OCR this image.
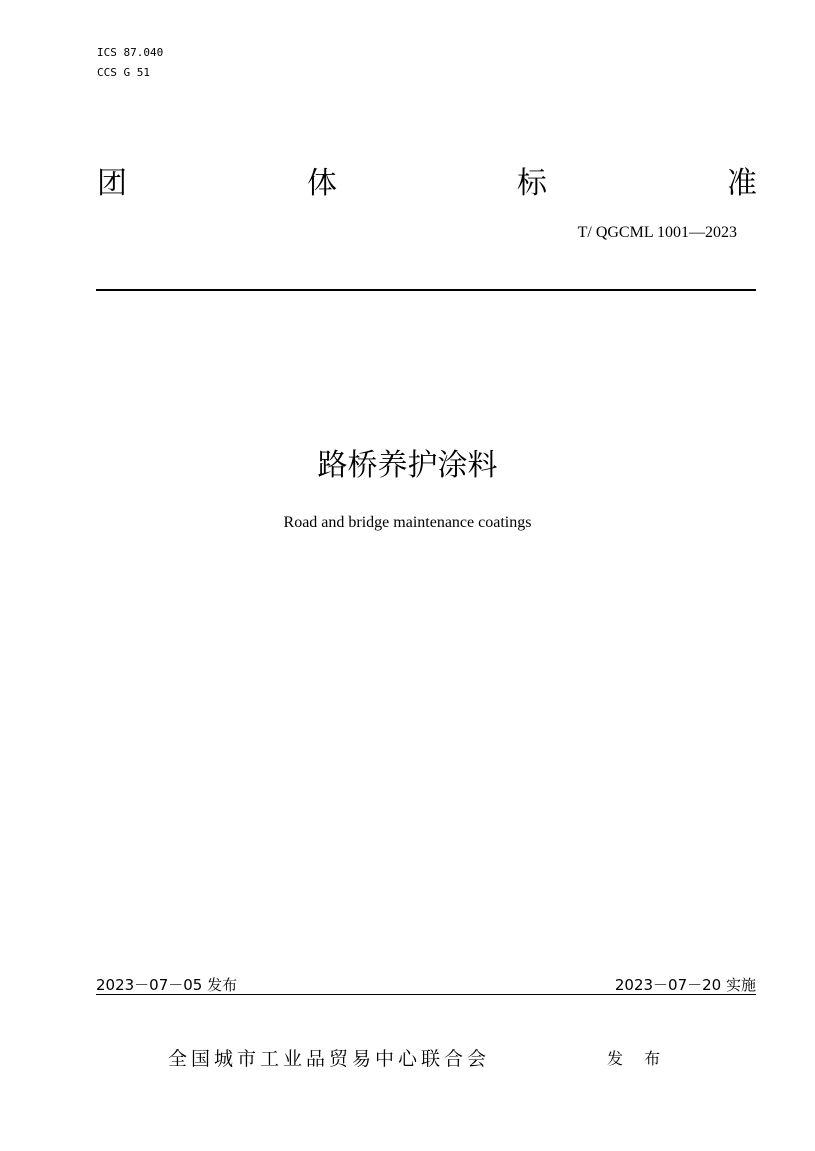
ICS 87.040
CCS G 51
团	体	标	准
T/ QGCML 1001—2023
路桥养护涂料
Road and bridge maintenance coatings
2023－07－05 发布	2023－07－20 实施
全国城市工业品贸易中心联合会	发 布
